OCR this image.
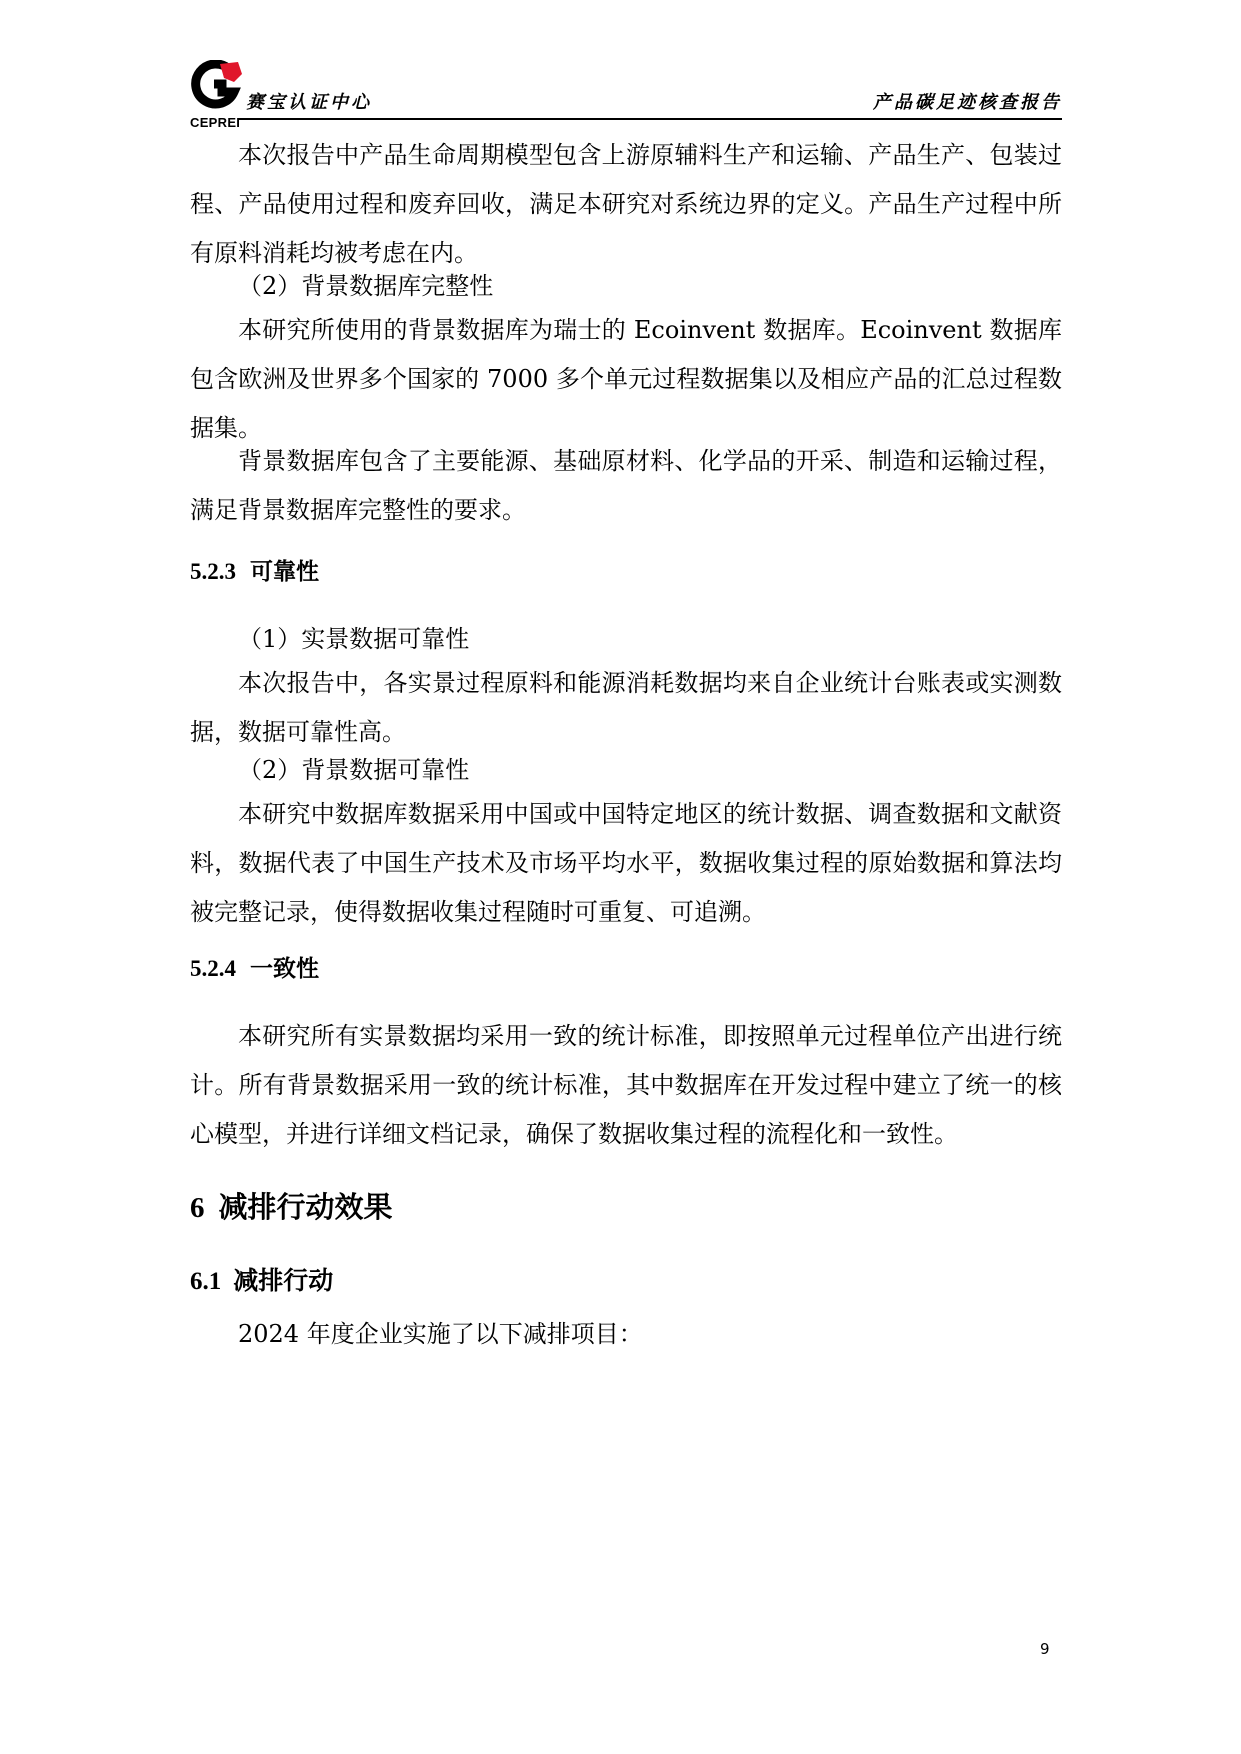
CEPREI
赛宝认证中心	产品碳足迹核查报告

本次报告中产品生命周期模型包含上游原辅料生产和运输、产品生产、包装过程、产品使用过程和废弃回收，满足本研究对系统边界的定义。产品生产过程中所有原料消耗均被考虑在内。

（2）背景数据库完整性

本研究所使用的背景数据库为瑞士的 Ecoinvent 数据库。Ecoinvent 数据库包含欧洲及世界多个国家的 7000 多个单元过程数据集以及相应产品的汇总过程数据集。

背景数据库包含了主要能源、基础原材料、化学品的开采、制造和运输过程，满足背景数据库完整性的要求。

5.2.3 可靠性

（1）实景数据可靠性

本次报告中，各实景过程原料和能源消耗数据均来自企业统计台账表或实测数据，数据可靠性高。

（2）背景数据可靠性

本研究中数据库数据采用中国或中国特定地区的统计数据、调查数据和文献资料，数据代表了中国生产技术及市场平均水平，数据收集过程的原始数据和算法均被完整记录，使得数据收集过程随时可重复、可追溯。

5.2.4 一致性

本研究所有实景数据均采用一致的统计标准，即按照单元过程单位产出进行统计。所有背景数据采用一致的统计标准，其中数据库在开发过程中建立了统一的核心模型，并进行详细文档记录，确保了数据收集过程的流程化和一致性。

6 减排行动效果
6.1 减排行动

2024 年度企业实施了以下减排项目：

9
